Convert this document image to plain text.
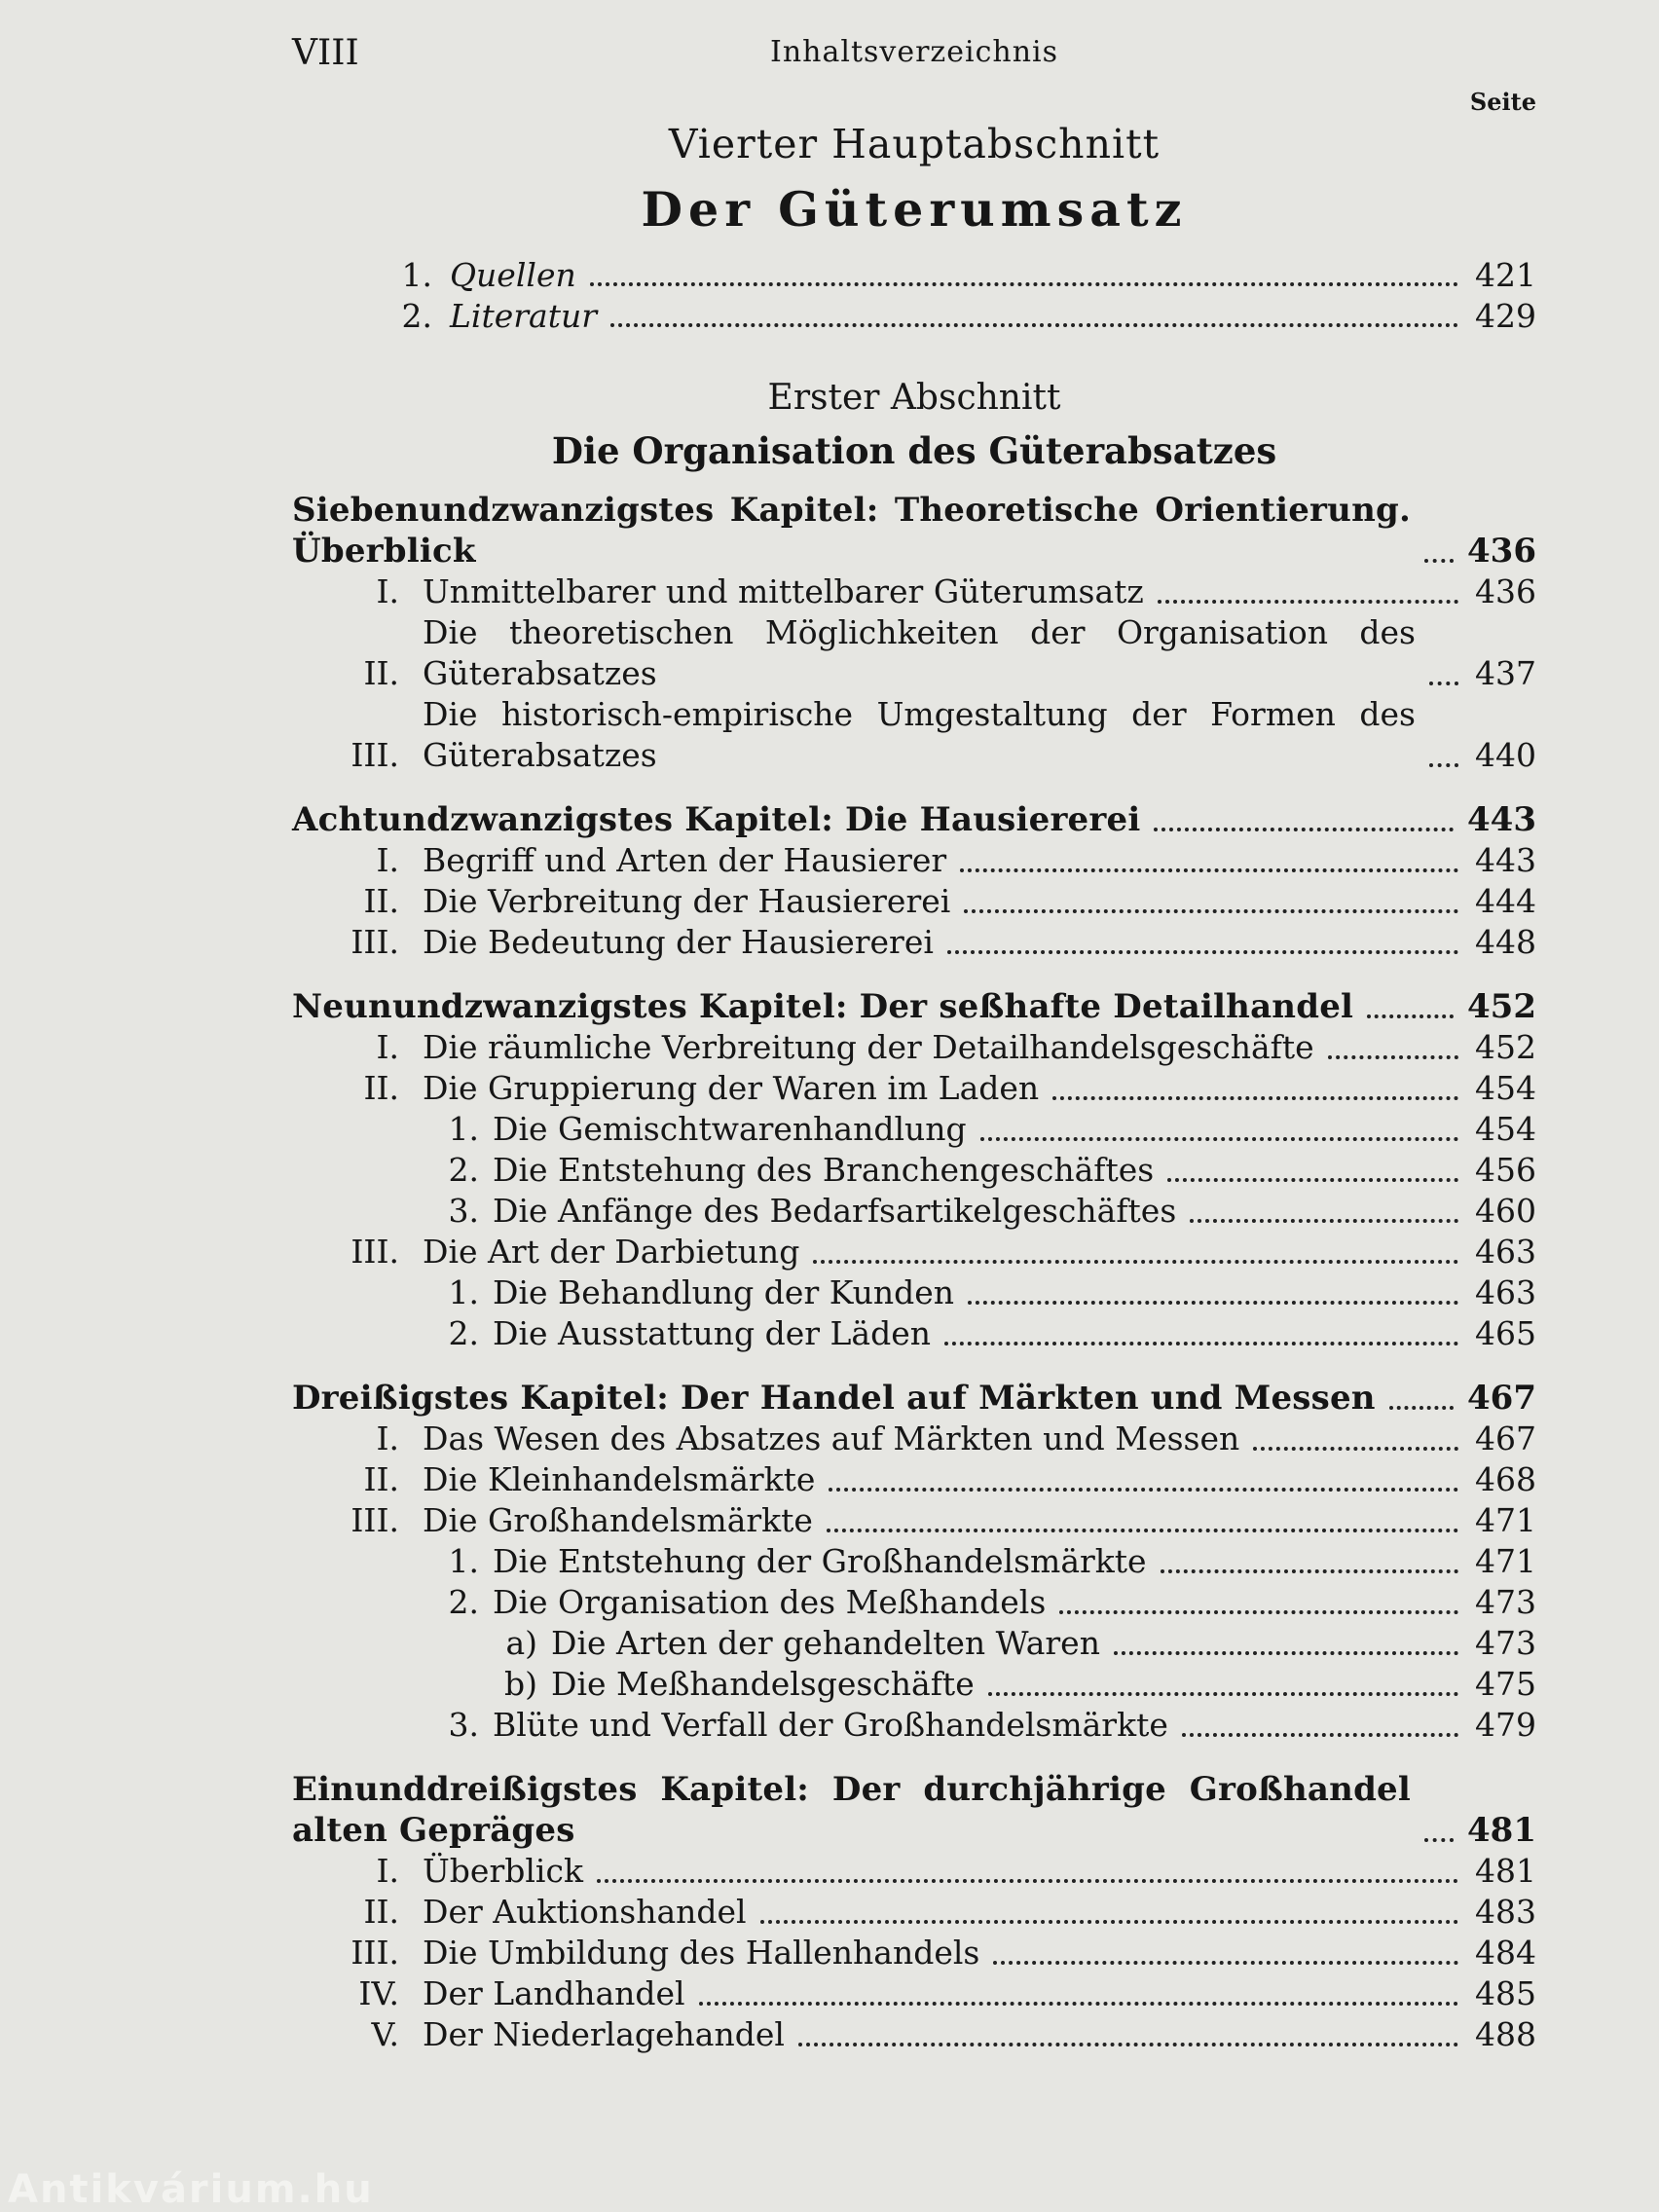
VIII	Inhaltsverzeichnis
Seite
Vierter Hauptabschnitt
Der Güterumsatz
1. Quellen	421
2. Literatur	429
Erster Abschnitt
Die Organisation des Güterabsatzes
Siebenundzwanzigstes Kapitel: Theoretische Orientierung. Überblick	436
I. Unmittelbarer und mittelbarer Güterumsatz	436
II.
Die theoretischen Möglichkeiten der Organisation des Güterabsatzes	437
III.
Die historisch-empirische Umgestaltung der Formen des Güterabsatzes	440
Achtundzwanzigstes Kapitel: Die Hausiererei	443
I. Begriff und Arten der Hausierer	443
II. Die Verbreitung der Hausiererei	444
III. Die Bedeutung der Hausiererei	448
Neunundzwanzigstes Kapitel: Der seßhafte Detailhandel	452
I. Die räumliche Verbreitung der Detailhandelsgeschäfte	452
II. Die Gruppierung der Waren im Laden	454
1. Die Gemischtwarenhandlung	454
2. Die Entstehung des Branchengeschäftes	456
3. Die Anfänge des Bedarfsartikelgeschäftes	460
III. Die Art der Darbietung	463
1. Die Behandlung der Kunden	463
2. Die Ausstattung der Läden	465
Dreißigstes Kapitel: Der Handel auf Märkten und Messen	467
I. Das Wesen des Absatzes auf Märkten und Messen	467
II. Die Kleinhandelsmärkte	468
III. Die Großhandelsmärkte	471
1. Die Entstehung der Großhandelsmärkte	471
2. Die Organisation des Meßhandels	473
a) Die Arten der gehandelten Waren	473
b) Die Meßhandelsgeschäfte	475
3. Blüte und Verfall der Großhandelsmärkte	479
Einunddreißigstes Kapitel: Der durchjährige Großhandel alten Gepräges	481
I. Überblick	481
II. Der Auktionshandel	483
III. Die Umbildung des Hallenhandels	484
IV. Der Landhandel	485
V. Der Niederlagehandel	488
Antikvárium.hu
